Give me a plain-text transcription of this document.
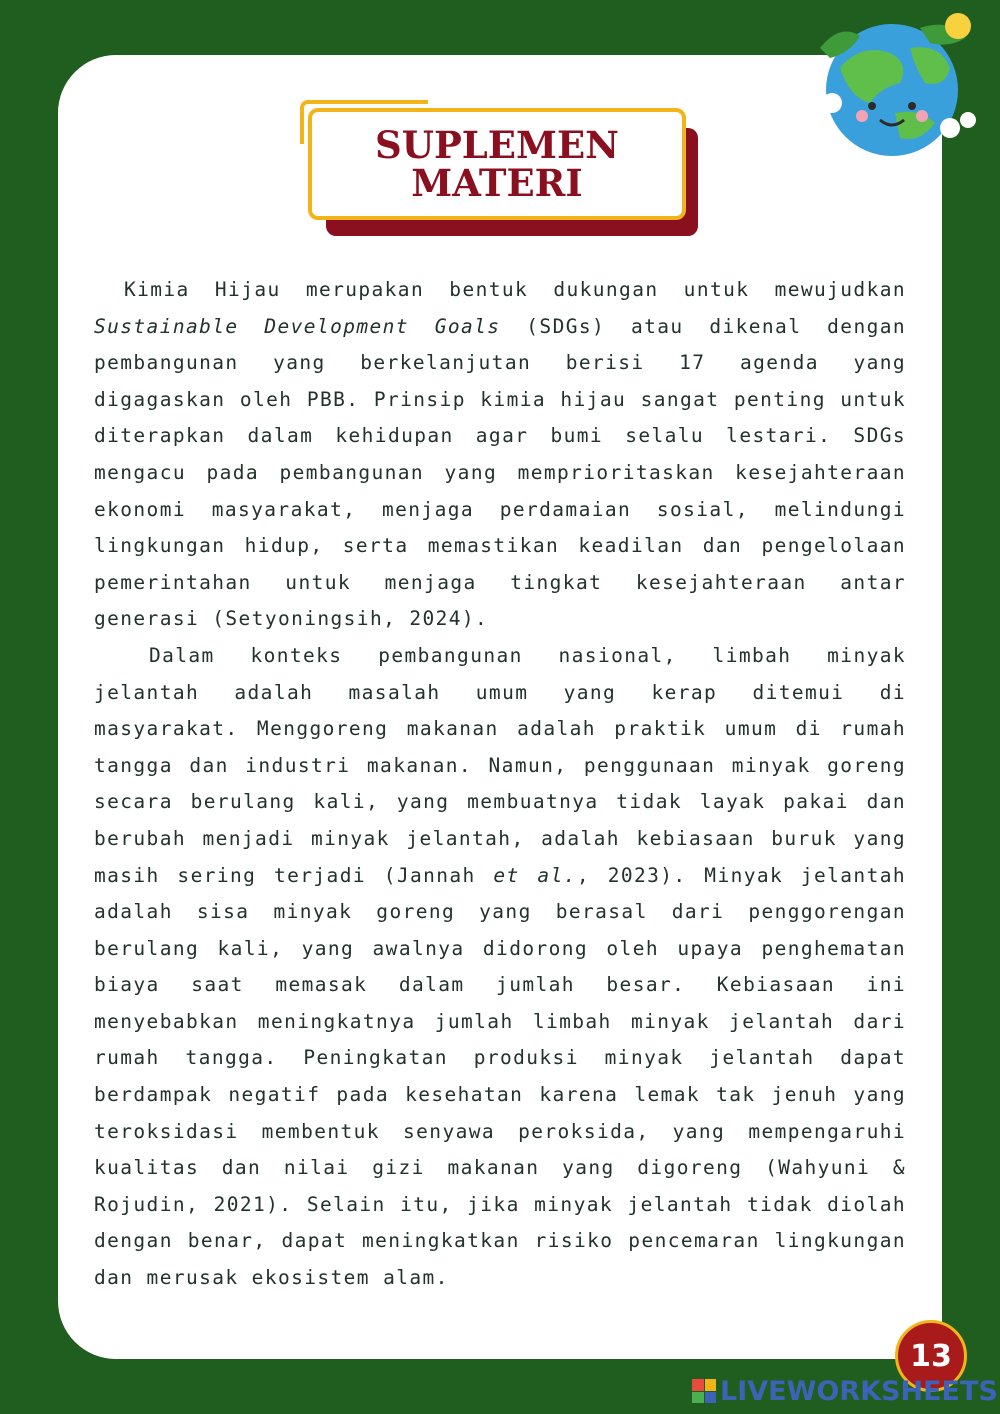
SUPLEMEN
MATERI

Kimia Hijau merupakan bentuk dukungan untuk mewujudkan Sustainable Development Goals (SDGs) atau dikenal dengan pembangunan yang berkelanjutan berisi 17 agenda yang digagaskan oleh PBB. Prinsip kimia hijau sangat penting untuk diterapkan dalam kehidupan agar bumi selalu lestari. SDGs mengacu pada pembangunan yang memprioritaskan kesejahteraan ekonomi masyarakat, menjaga perdamaian sosial, melindungi lingkungan hidup, serta memastikan keadilan dan pengelolaan pemerintahan untuk menjaga tingkat kesejahteraan antar generasi (Setyoningsih, 2024).

Dalam konteks pembangunan nasional, limbah minyak jelantah adalah masalah umum yang kerap ditemui di masyarakat. Menggoreng makanan adalah praktik umum di rumah tangga dan industri makanan. Namun, penggunaan minyak goreng secara berulang kali, yang membuatnya tidak layak pakai dan berubah menjadi minyak jelantah, adalah kebiasaan buruk yang masih sering terjadi (Jannah et al., 2023). Minyak jelantah adalah sisa minyak goreng yang berasal dari penggorengan berulang kali, yang awalnya didorong oleh upaya penghematan biaya saat memasak dalam jumlah besar. Kebiasaan ini menyebabkan meningkatnya jumlah limbah minyak jelantah dari rumah tangga. Peningkatan produksi minyak jelantah dapat berdampak negatif pada kesehatan karena lemak tak jenuh yang teroksidasi membentuk senyawa peroksida, yang mempengaruhi kualitas dan nilai gizi makanan yang digoreng (Wahyuni & Rojudin, 2021). Selain itu, jika minyak jelantah tidak diolah dengan benar, dapat meningkatkan risiko pencemaran lingkungan dan merusak ekosistem alam.

13
LIVEWORKSHEETS
